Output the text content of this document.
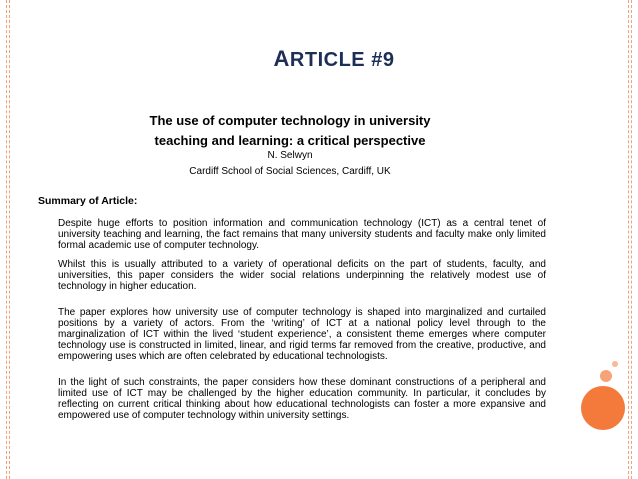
ARTICLE #9
The use of computer technology in university
teaching and learning: a critical perspective
N. Selwyn
Cardiff School of Social Sciences, Cardiff, UK
Summary of Article:
Despite huge efforts to position information and communication technology (ICT) as a central tenet of university teaching and learning, the fact remains that many university students and faculty make only limited formal academic use of computer technology.
Whilst this is usually attributed to a variety of operational deficits on the part of students, faculty, and universities, this paper considers the wider social relations underpinning the relatively modest use of technology in higher education.
The paper explores how university use of computer technology is shaped into marginalized and curtailed positions by a variety of actors. From the ‘writing’ of ICT at a national policy level through to the marginalization of ICT within the lived ‘student experience’, a consistent theme emerges where computer technology use is constructed in limited, linear, and rigid terms far removed from the creative, productive, and empowering uses which are often celebrated by educational technologists.
In the light of such constraints, the paper considers how these dominant constructions of a peripheral and limited use of ICT may be challenged by the higher education community. In particular, it concludes by reflecting on current critical thinking about how educational technologists can foster a more expansive and empowered use of computer technology within university settings.
